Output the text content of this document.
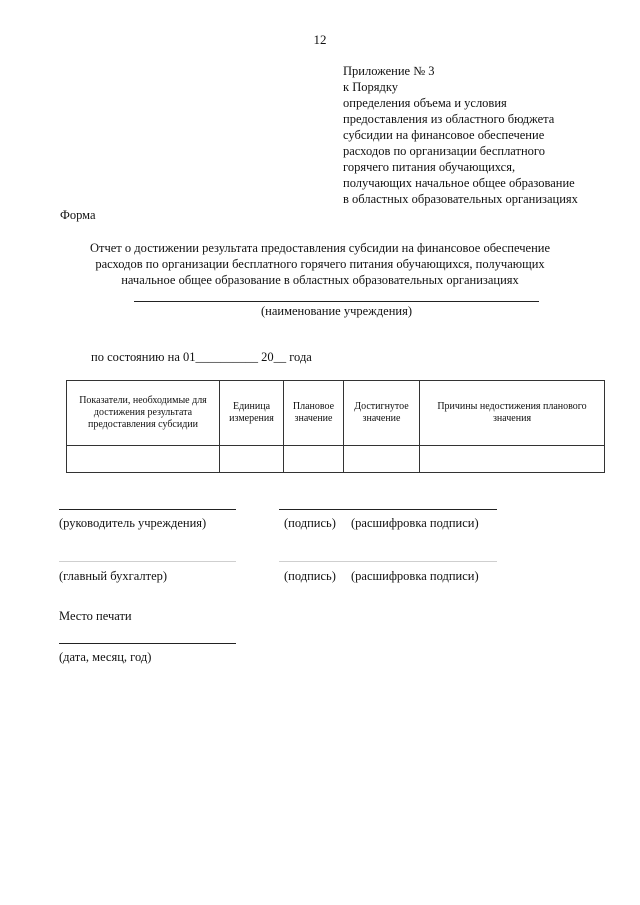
12
Приложение № 3
к Порядку
определения объема и условия
предоставления из областного бюджета
субсидии на финансовое обеспечение
расходов по организации бесплатного
горячего питания обучающихся,
получающих начальное общее образование
в областных образовательных организациях
Форма
Отчет о достижении результата предоставления субсидии на финансовое обеспечение
расходов по организации бесплатного горячего питания обучающихся, получающих
начальное общее образование в областных образовательных организациях
(наименование учреждения)
по состоянию на 01__________ 20__ года
Показатели, необходимые для достижения результата предоставления субсидии	Единица измерения	Плановое значение	Достигнутое значение	Причины недостижения планового значения

(руководитель учреждения)	(подпись) (расшифровка подписи)
(главный бухгалтер)	(подпись) (расшифровка подписи)
Место печати
(дата, месяц, год)
